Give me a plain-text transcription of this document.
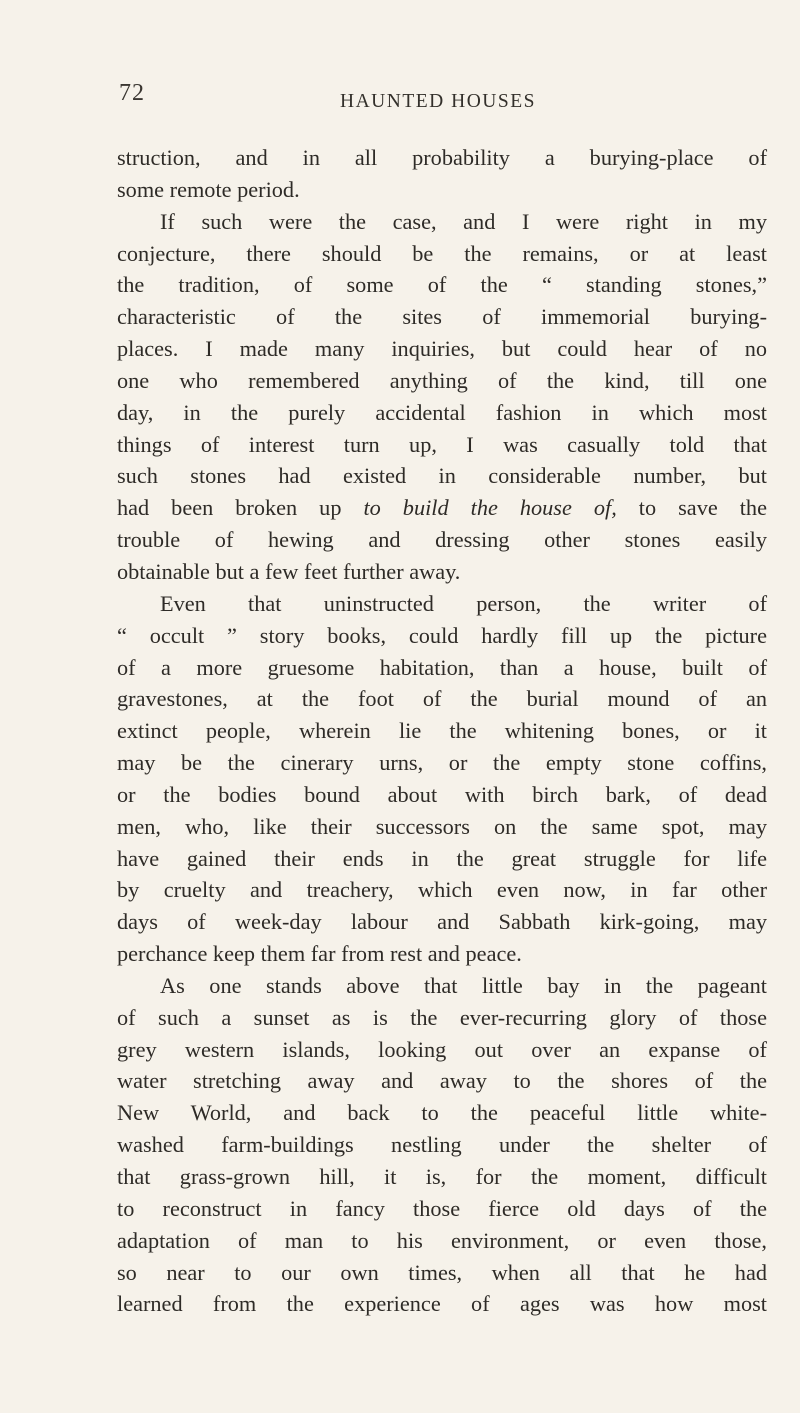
72	HAUNTED HOUSES
struction, and in all probability a burying-place of
some remote period.
If such were the case, and I were right in my
conjecture, there should be the remains, or at least
the tradition, of some of the “ standing stones,”
characteristic of the sites of immemorial burying-
places. I made many inquiries, but could hear of no
one who remembered anything of the kind, till one
day, in the purely accidental fashion in which most
things of interest turn up, I was casually told that
such stones had existed in considerable number, but
had been broken up to build the house of, to save the
trouble of hewing and dressing other stones easily
obtainable but a few feet further away.
Even that uninstructed person, the writer of
“ occult ” story books, could hardly fill up the picture
of a more gruesome habitation, than a house, built of
gravestones, at the foot of the burial mound of an
extinct people, wherein lie the whitening bones, or it
may be the cinerary urns, or the empty stone coffins,
or the bodies bound about with birch bark, of dead
men, who, like their successors on the same spot, may
have gained their ends in the great struggle for life
by cruelty and treachery, which even now, in far other
days of week-day labour and Sabbath kirk-going, may
perchance keep them far from rest and peace.
As one stands above that little bay in the pageant
of such a sunset as is the ever-recurring glory of those
grey western islands, looking out over an expanse of
water stretching away and away to the shores of the
New World, and back to the peaceful little white-
washed farm-buildings nestling under the shelter of
that grass-grown hill, it is, for the moment, difficult
to reconstruct in fancy those fierce old days of the
adaptation of man to his environment, or even those,
so near to our own times, when all that he had
learned from the experience of ages was how most
